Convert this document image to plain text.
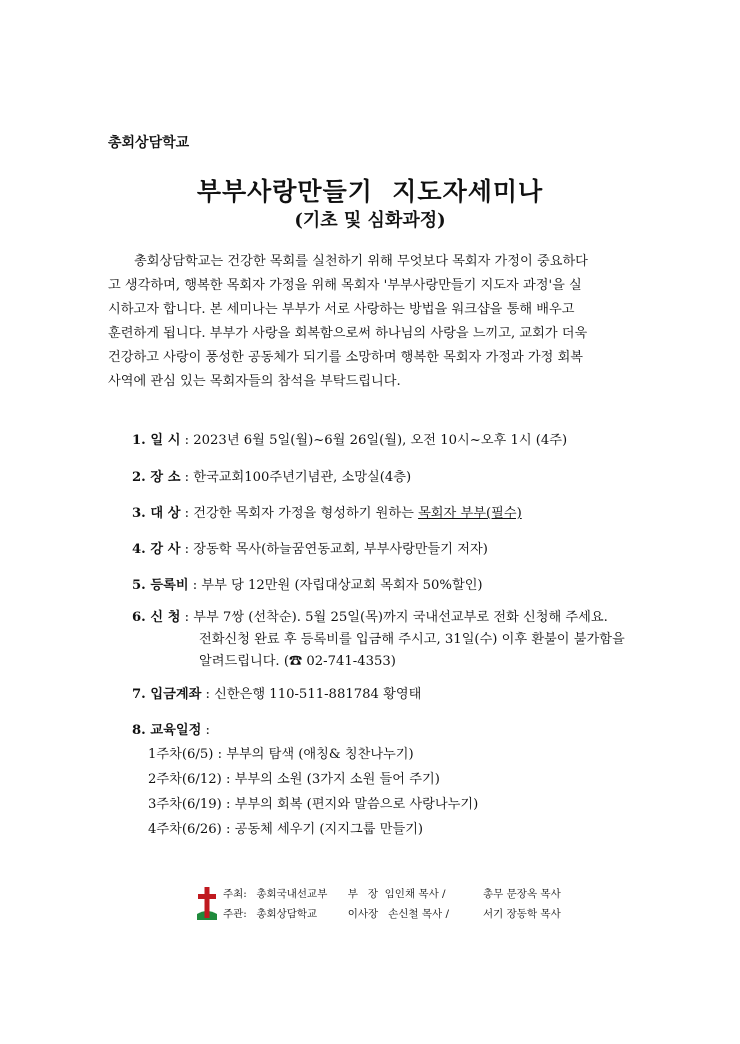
총회상담학교
부부사랑만들기  지도자세미나
(기초 및 심화과정)
총회상담학교는 건강한 목회를 실천하기 위해 무엇보다 목회자 가정이 중요하다
고 생각하며, 행복한 목회자 가정을 위해 목회자 '부부사랑만들기 지도자 과정'을 실
시하고자 합니다. 본 세미나는 부부가 서로 사랑하는 방법을 워크샵을 통해 배우고
훈련하게 됩니다. 부부가 사랑을 회복함으로써 하나님의 사랑을 느끼고, 교회가 더욱
건강하고 사랑이 풍성한 공동체가 되기를 소망하며 행복한 목회자 가정과 가정 회복
사역에 관심 있는 목회자들의 참석을 부탁드립니다.
1. 일 시 : 2023년 6월 5일(월)~6월 26일(월), 오전 10시~오후 1시 (4주)
2. 장 소 : 한국교회100주년기념관, 소망실(4층)
3. 대 상 : 건강한 목회자 가정을 형성하기 원하는 목회자 부부(필수)
4. 강 사 : 장동학 목사(하늘꿈연동교회, 부부사랑만들기 저자)
5. 등록비 : 부부 당 12만원 (자립대상교회 목회자 50%할인)
6. 신 청 : 부부 7쌍 (선착순). 5월 25일(목)까지 국내선교부로 전화 신청해 주세요.
전화신청 완료 후 등록비를 입금해 주시고, 31일(수) 이후 환불이 불가함을
알려드립니다. (☎ 02-741-4353)
7. 입금계좌 : 신한은행 110-511-881784 황영태
8. 교육일정 :
1주차(6/5) : 부부의 탐색 (애칭& 칭찬나누기)
2주차(6/12) : 부부의 소원 (3가지 소원 들어 주기)
3주차(6/19) : 부부의 회복 (편지와 말씀으로 사랑나누기)
4주차(6/26) : 공동체 세우기 (지지그룹 만들기)
주최: 총회국내선교부 부   장  임인채 목사 /	총무 문장옥 목사
주관: 총회상담학교	이사장   손신철 목사 /	서기 장동학 목사
